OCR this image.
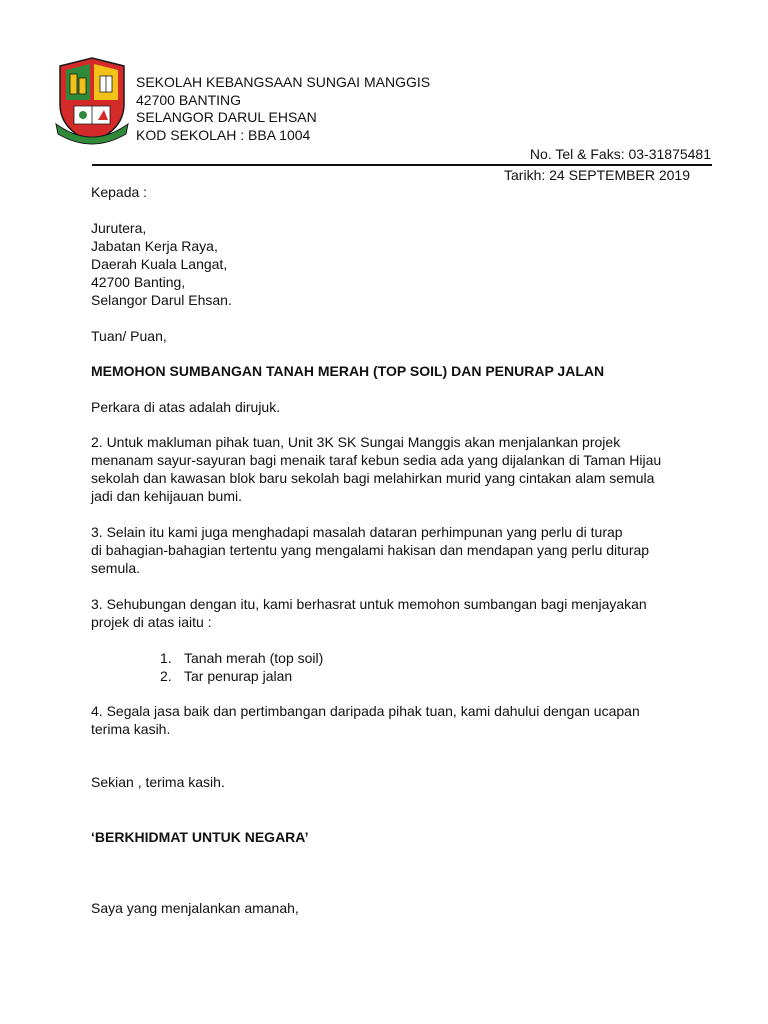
SEKOLAH KEBANGSAAN SUNGAI MANGGIS
42700 BANTING
SELANGOR DARUL EHSAN
KOD SEKOLAH : BBA 1004
No. Tel & Faks: 03-31875481
Tarikh: 24 SEPTEMBER 2019
Kepada :
Jurutera,
Jabatan Kerja Raya,
Daerah Kuala Langat,
42700 Banting,
Selangor Darul Ehsan.
Tuan/ Puan,
MEMOHON SUMBANGAN TANAH MERAH (TOP SOIL) DAN PENURAP JALAN
Perkara di atas adalah dirujuk.
2. Untuk makluman pihak tuan, Unit 3K SK Sungai Manggis akan menjalankan projek
menanam sayur-sayuran bagi menaik taraf kebun sedia ada yang dijalankan di Taman Hijau
sekolah dan kawasan blok baru sekolah bagi melahirkan murid yang cintakan alam semula
jadi dan kehijauan bumi.
3. Selain itu kami juga menghadapi masalah dataran perhimpunan yang perlu di turap
di bahagian-bahagian tertentu yang mengalami hakisan dan mendapan yang perlu diturap
semula.
3. Sehubungan dengan itu, kami berhasrat untuk memohon sumbangan bagi menjayakan
projek di atas iaitu :
1. Tanah merah (top soil)
2. Tar penurap jalan
4. Segala jasa baik dan pertimbangan daripada pihak tuan, kami dahului dengan ucapan
terima kasih.
Sekian , terima kasih.
‘BERKHIDMAT UNTUK NEGARA’
Saya yang menjalankan amanah,
